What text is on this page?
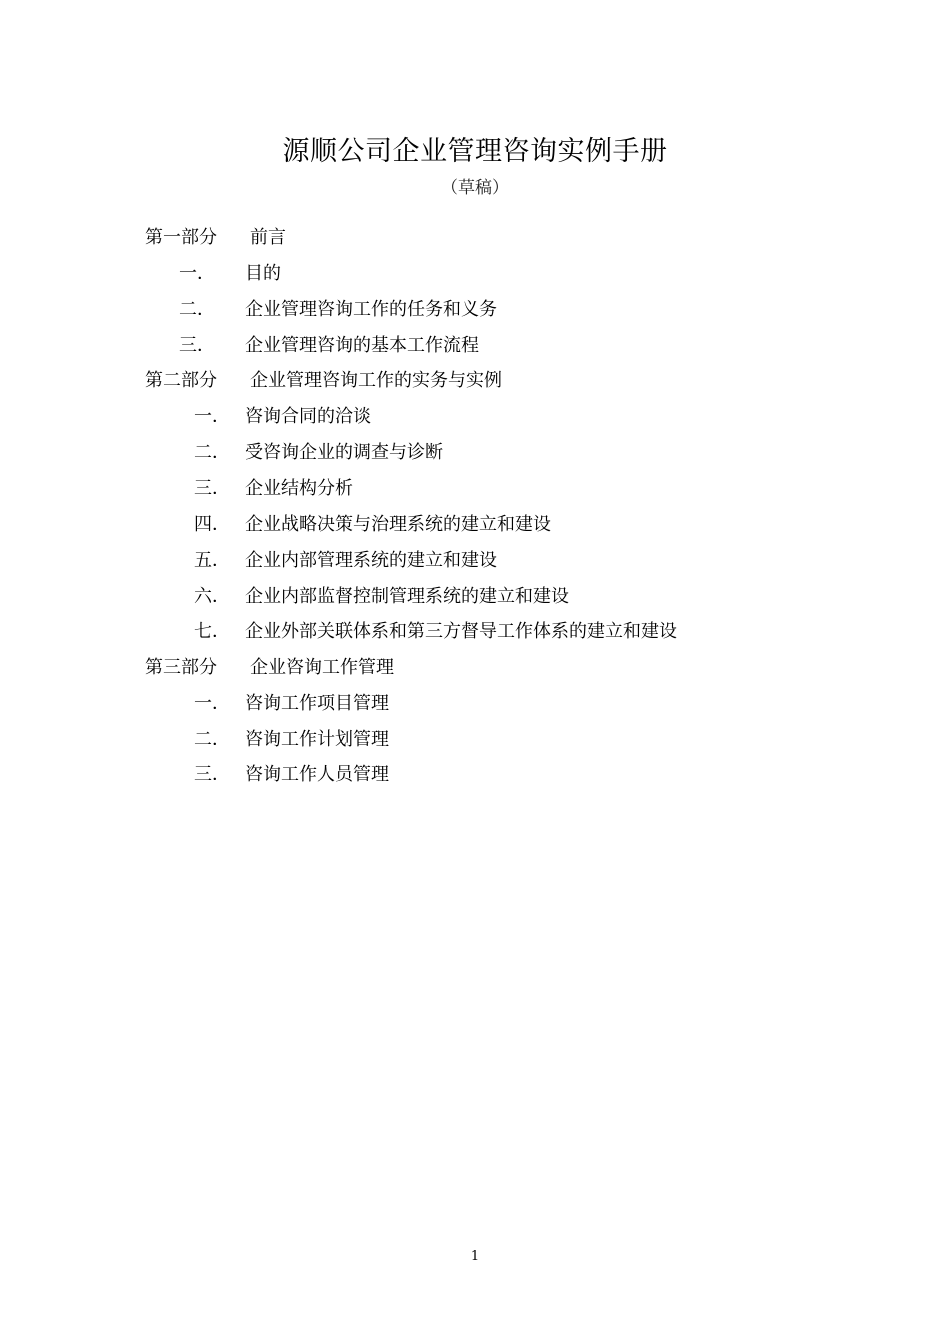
源顺公司企业管理咨询实例手册
（草稿）
第一部分 前言
一． 目的
二． 企业管理咨询工作的任务和义务
三． 企业管理咨询的基本工作流程
第二部分 企业管理咨询工作的实务与实例
一． 咨询合同的洽谈
二． 受咨询企业的调查与诊断
三． 企业结构分析
四． 企业战略决策与治理系统的建立和建设
五． 企业内部管理系统的建立和建设
六． 企业内部监督控制管理系统的建立和建设
七． 企业外部关联体系和第三方督导工作体系的建立和建设
第三部分 企业咨询工作管理
一． 咨询工作项目管理
二． 咨询工作计划管理
三． 咨询工作人员管理
1
